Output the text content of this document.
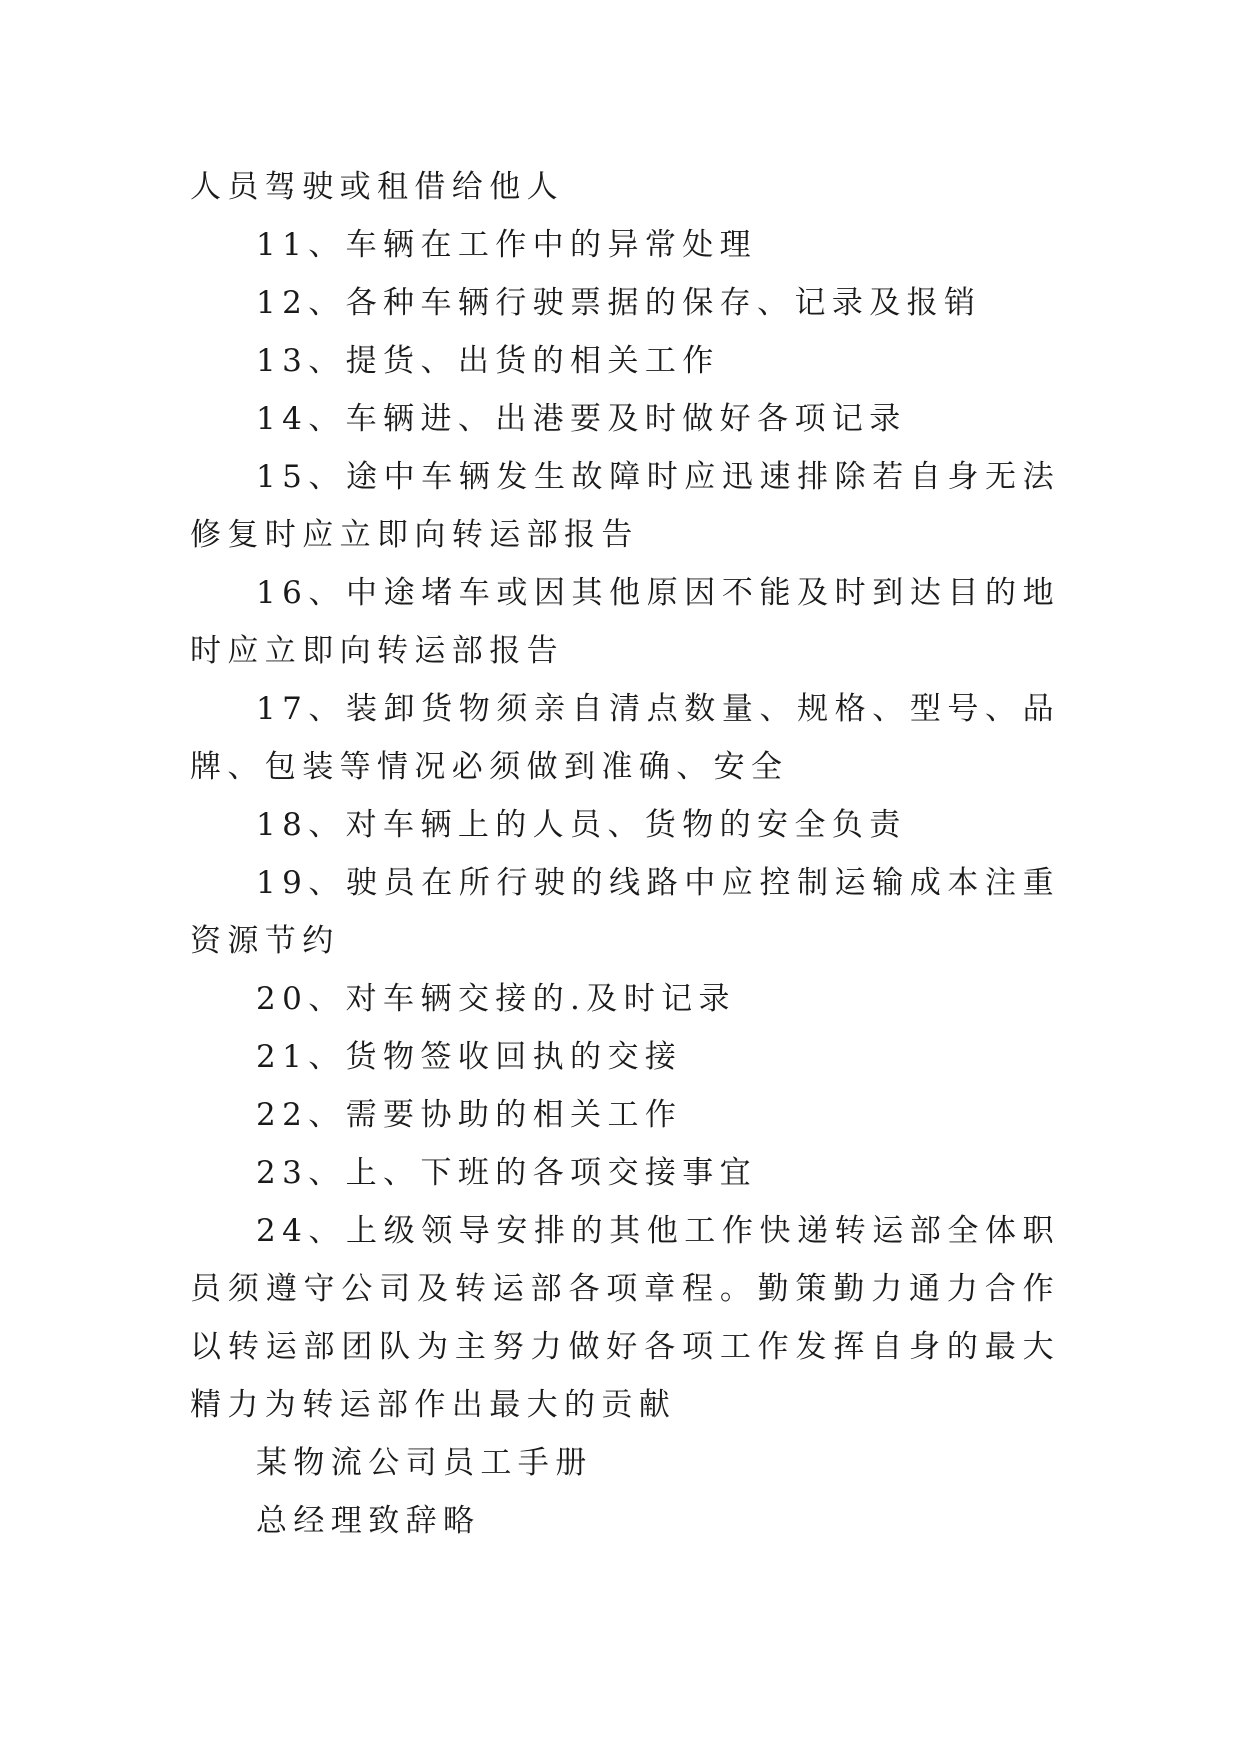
人员驾驶或租借给他人

11、车辆在工作中的异常处理

12、各种车辆行驶票据的保存、记录及报销

13、提货、出货的相关工作

14、车辆进、出港要及时做好各项记录

15、途中车辆发生故障时应迅速排除若自身无法修复时应立即向转运部报告

16、中途堵车或因其他原因不能及时到达目的地时应立即向转运部报告

17、装卸货物须亲自清点数量、规格、型号、品牌、包装等情况必须做到准确、安全

18、对车辆上的人员、货物的安全负责

19、驶员在所行驶的线路中应控制运输成本注重资源节约

20、对车辆交接的.及时记录

21、货物签收回执的交接

22、需要协助的相关工作

23、上、下班的各项交接事宜

24、上级领导安排的其他工作快递转运部全体职员须遵守公司及转运部各项章程。勤策勤力通力合作以转运部团队为主努力做好各项工作发挥自身的最大精力为转运部作出最大的贡献

某物流公司员工手册

总经理致辞略
